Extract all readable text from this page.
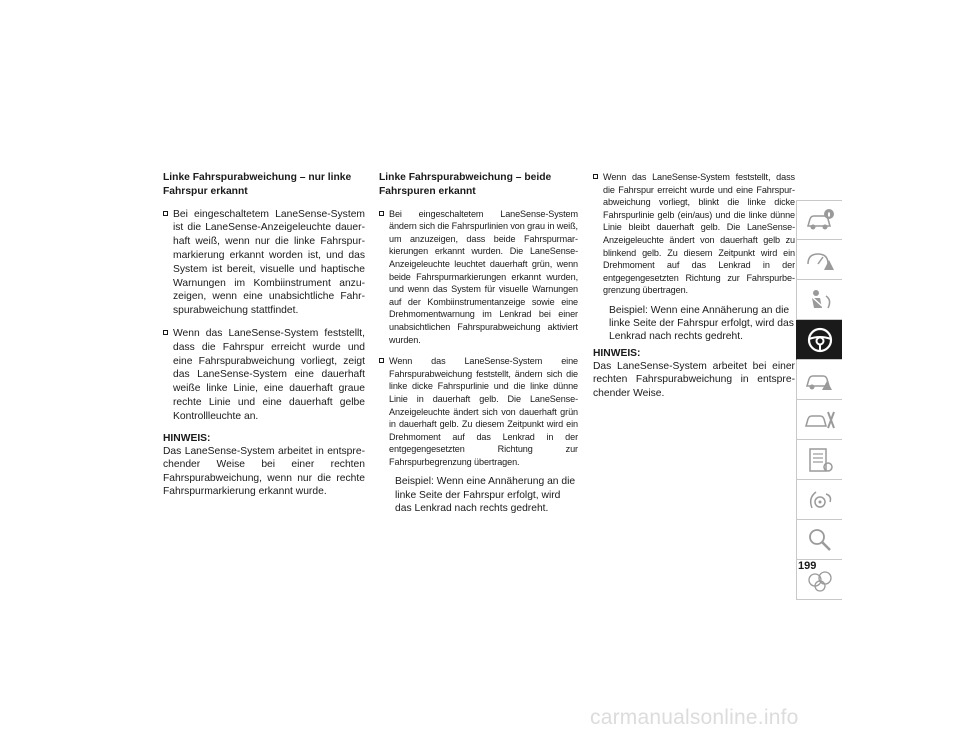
Linke Fahrspurabweichung – nur linke Fahrspur erkannt
Bei eingeschaltetem LaneSense-System ist die LaneSense-Anzeigeleuchte dauerhaft weiß, wenn nur die linke Fahrspurmarkierung erkannt worden ist, und das System ist bereit, visuelle und haptische Warnungen im Kombiinstrument anzuzeigen, wenn eine unabsichtliche Fahrspurabweichung stattfindet.
Wenn das LaneSense-System feststellt, dass die Fahrspur erreicht wurde und eine Fahrspurabweichung vorliegt, zeigt das LaneSense-System eine dauerhaft weiße linke Linie, eine dauerhaft graue rechte Linie und eine dauerhaft gelbe Kontrollleuchte an.
HINWEIS:
Das LaneSense-System arbeitet in entsprechender Weise bei einer rechten Fahrspurabweichung, wenn nur die rechte Fahrspurmarkierung erkannt wurde.
Linke Fahrspurabweichung – beide Fahrspuren erkannt
Bei eingeschaltetem LaneSense-System ändern sich die Fahrspurlinien von grau in weiß, um anzuzeigen, dass beide Fahrspurmarkierungen erkannt wurden. Die LaneSense-Anzeigeleuchte leuchtet dauerhaft grün, wenn beide Fahrspurmarkierungen erkannt wurden, und wenn das System für visuelle Warnungen auf der Kombiinstrumentanzeige sowie eine Drehmomentwarnung im Lenkrad bei einer unabsichtlichen Fahrspurabweichung aktiviert wurden.
Wenn das LaneSense-System eine Fahrspurabweichung feststellt, ändern sich die linke dicke Fahrspurlinie und die linke dünne Linie in dauerhaft gelb. Die LaneSense-Anzeigeleuchte ändert sich von dauerhaft grün in dauerhaft gelb. Zu diesem Zeitpunkt wird ein Drehmoment auf das Lenkrad in der entgegengesetzten Richtung zur Fahrspurbegrenzung übertragen.
Beispiel: Wenn eine Annäherung an die linke Seite der Fahrspur erfolgt, wird das Lenkrad nach rechts gedreht.
Wenn das LaneSense-System feststellt, dass die Fahrspur erreicht wurde und eine Fahrspurabweichung vorliegt, blinkt die linke dicke Fahrspurlinie gelb (ein/aus) und die linke dünne Linie bleibt dauerhaft gelb. Die LaneSense-Anzeigeleuchte ändert von dauerhaft gelb zu blinkend gelb. Zu diesem Zeitpunkt wird ein Drehmoment auf das Lenkrad in der entgegengesetzten Richtung zur Fahrspurbegrenzung übertragen.
Beispiel: Wenn eine Annäherung an die linke Seite der Fahrspur erfolgt, wird das Lenkrad nach rechts gedreht.
HINWEIS:
Das LaneSense-System arbeitet bei einer rechten Fahrspurabweichung in entsprechender Weise.
199
carmanualsonline.info
